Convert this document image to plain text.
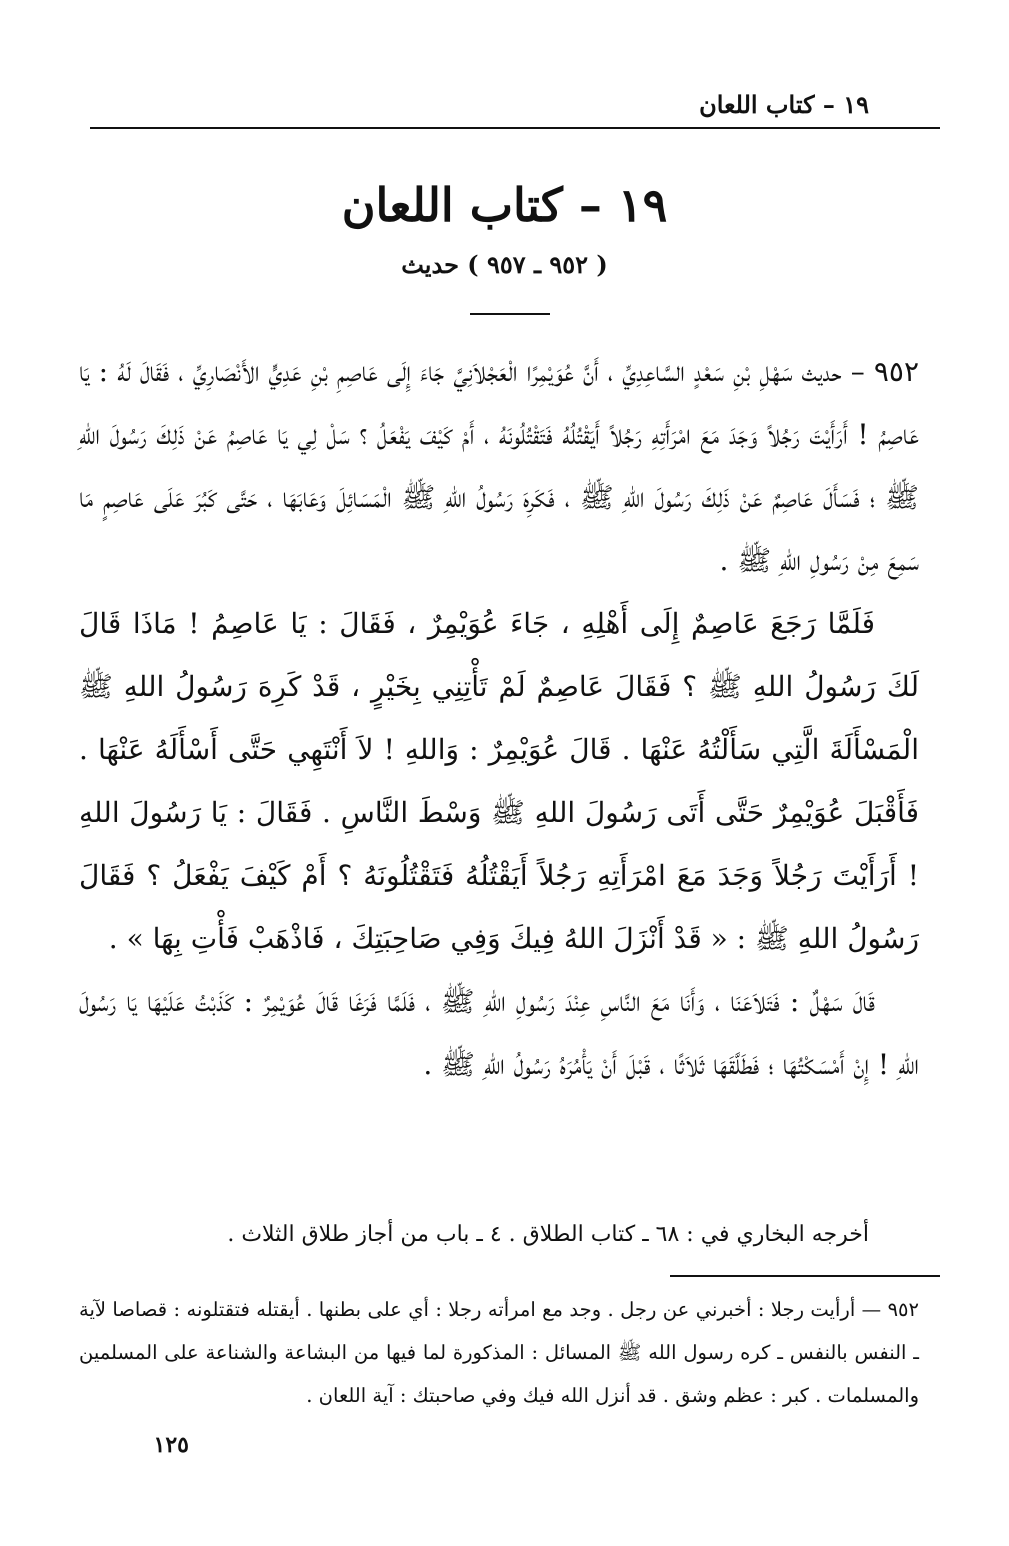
١٩ – كتاب اللعان
١٩ – كتاب اللعان
( ٩٥٢ ـ ٩٥٧ ) حديث

٩٥٢ – حديث سَهْلِ بْنِ سَعْدٍ السَّاعِدِيِّ ، أَنَّ عُوَيْمِرًا الْعَجْلاَنِيَّ جَاءَ إِلَى عَاصِمِ بْنِ عَدِيٍّ الأَنْصَارِيِّ ، فَقَالَ لَهُ : يَا عَاصِمُ ! أَرَأَيْتَ رَجُلاً وَجَدَ مَعَ امْرَأَتِهِ رَجُلاً أَيَقْتُلُهُ فَتَقْتُلُونَهُ ، أَمْ كَيْفَ يَفْعَلُ ؟ سَلْ لِي يَا عَاصِمُ عَنْ ذَلِكَ رَسُولَ اللهِ ﷺ ؛ فَسَأَلَ عَاصِمٌ عَنْ ذَلِكَ رَسُولَ اللهِ ﷺ ، فَكَرِهَ رَسُولُ اللهِ ﷺ الْمَسَائِلَ وَعَابَهَا ، حَتَّى كَبُرَ عَلَى عَاصِمٍ مَا سَمِعَ مِنْ رَسُولِ اللهِ ﷺ .

فَلَمَّا رَجَعَ عَاصِمٌ إِلَى أَهْلِهِ ، جَاءَ عُوَيْمِرٌ ، فَقَالَ : يَا عَاصِمُ ! مَاذَا قَالَ لَكَ رَسُولُ اللهِ ﷺ ؟ فَقَالَ عَاصِمٌ لَمْ تَأْتِنِي بِخَيْرٍ ، قَدْ كَرِهَ رَسُولُ اللهِ ﷺ الْمَسْأَلَةَ الَّتِي سَأَلْتُهُ عَنْهَا . قَالَ عُوَيْمِرٌ : وَاللهِ ! لاَ أَنْتَهِي حَتَّى أَسْأَلَهُ عَنْهَا . فَأَقْبَلَ عُوَيْمِرٌ حَتَّى أَتَى رَسُولَ اللهِ ﷺ وَسْطَ النَّاسِ . فَقَالَ : يَا رَسُولَ اللهِ ! أَرَأَيْتَ رَجُلاً وَجَدَ مَعَ امْرَأَتِهِ رَجُلاً أَيَقْتُلُهُ فَتَقْتُلُونَهُ ؟ أَمْ كَيْفَ يَفْعَلُ ؟ فَقَالَ رَسُولُ اللهِ ﷺ : « قَدْ أَنْزَلَ اللهُ فِيكَ وَفِي صَاحِبَتِكَ ، فَاذْهَبْ فَأْتِ بِهَا » .

قَالَ سَهْلٌ : فَتَلاَعَنَا ، وَأَنَا مَعَ النَّاسِ عِنْدَ رَسُولِ اللهِ ﷺ ، فَلَمَّا فَرَغَا قَالَ عُوَيْمِرٌ : كَذَبْتُ عَلَيْهَا يَا رَسُولَ اللهِ ! إِنْ أَمْسَكْتُهَا ؛ فَطَلَّقَهَا ثَلاَثًا ، قَبْلَ أَنْ يَأْمُرَهُ رَسُولُ اللهِ ﷺ .

أخرجه البخاري في : ٦٨ ـ كتاب الطلاق . ٤ ـ باب من أجاز طلاق الثلاث .
٩٥٢ — أرأيت رجلا : أخبرني عن رجل . وجد مع امرأته رجلا : أي على بطنها . أيقتله فتقتلونه : قصاصا لآية ـ النفس بالنفس ـ كره رسول الله ﷺ المسائل : المذكورة لما فيها من البشاعة والشناعة على المسلمين والمسلمات . كبر : عظم وشق . قد أنزل الله فيك وفي صاحبتك : آية اللعان .
١٢٥
